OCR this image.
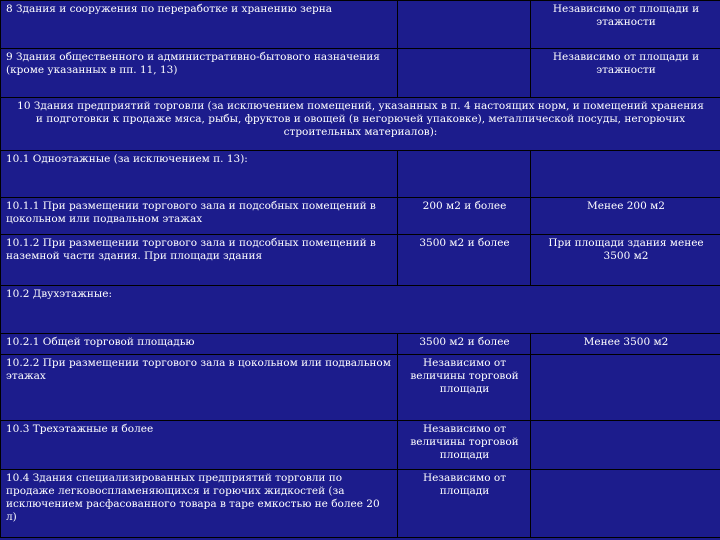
8 Здания и сооружения по переработке и хранению зерна		Независимо от площади и этажности
9 Здания общественного и административно-бытового назначения (кроме указанных в пп. 11, 13)		Независимо от площади и этажности
10 Здания предприятий торговли (за исключением помещений, указанных в п. 4 настоящих норм, и помещений хранения и подготовки к продаже мяса, рыбы, фруктов и овощей (в негорючей упаковке), металлической посуды, негорючих строительных материалов):		
10.1 Одноэтажные (за исключением п. 13):		
10.1.1 При размещении торгового зала и подсобных помещений в цокольном или подвальном этажах	200 м2 и более	Менее 200 м2
10.1.2 При размещении торгового зала и подсобных помещений в наземной части здания. При площади здания	3500 м2 и более	При площади здания менее 3500 м2
10.2 Двухэтажные:		
10.2.1 Общей торговой площадью	3500 м2 и более	Менее 3500 м2
10.2.2 При размещении торгового зала в цокольном или подвальном этажах	Независимо от величины торговой площади	
10.3 Трехэтажные и более	Независимо от величины торговой площади	
10.4 Здания специализированных предприятий торговли по продаже легковоспламеняющихся и горючих жидкостей (за исключением расфасованного товара в таре емкостью не более 20 л)	Независимо от площади	
